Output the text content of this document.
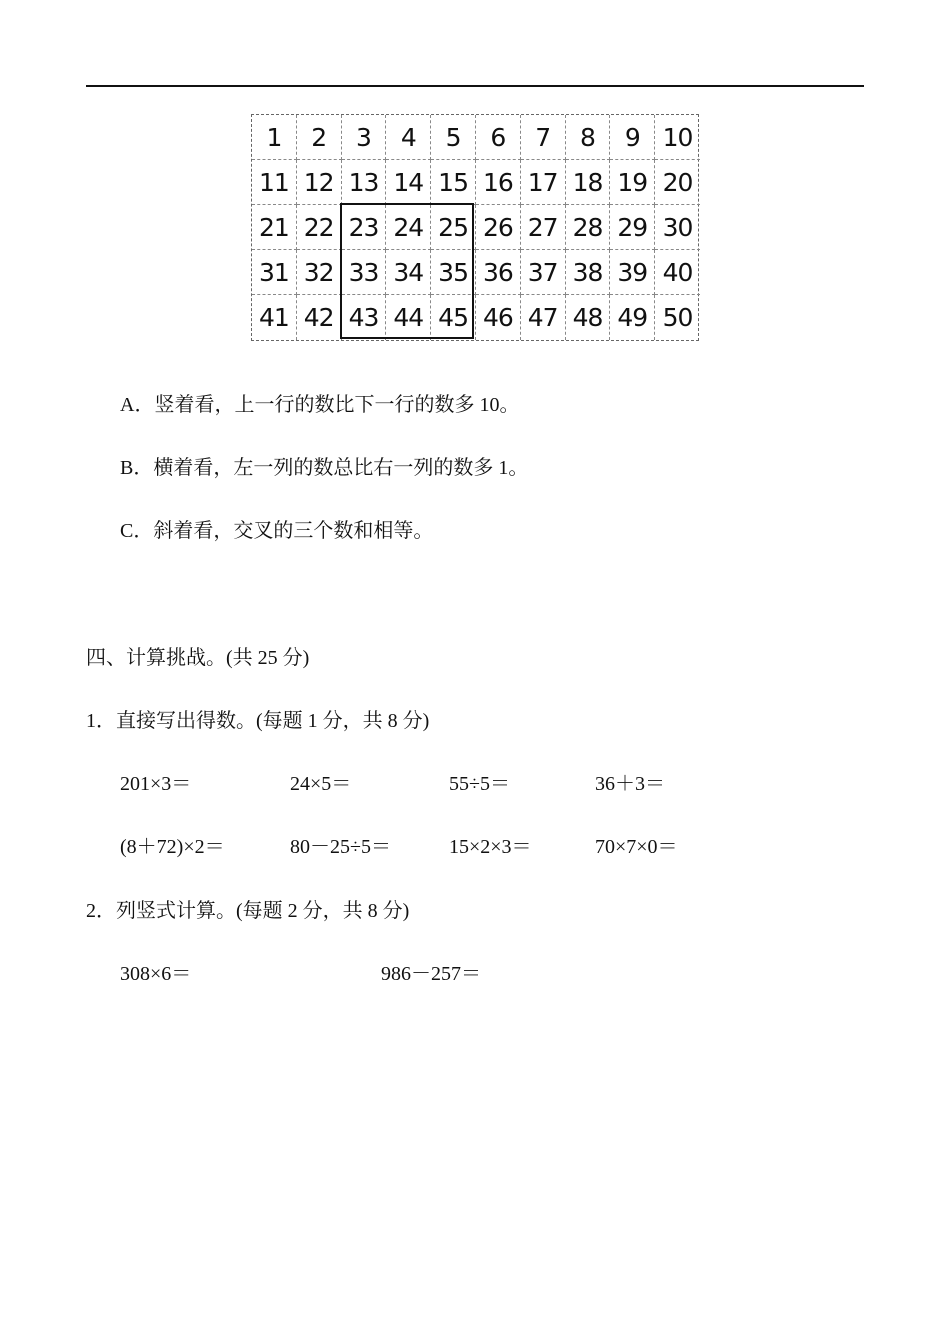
1	2	3	4	5	6	7	8	9 10
11 12 13 14 15 16 17 18 19 20
21 22 23 24 25 26 27 28 29 30
31 32 33 34 35 36 37 38 39 40
41 42 43 44 45 46 47 48 49 50
A．竖着看，上一行的数比下一行的数多 10。
B．横着看，左一列的数总比右一列的数多 1。
C．斜着看，交叉的三个数和相等。
四、计算挑战。(共 25 分)
1．直接写出得数。(每题 1 分，共 8 分)
201×3＝	24×5＝	55÷5＝	36＋3＝
(8＋72)×2＝	80－25÷5＝	15×2×3＝	70×7×0＝
2．列竖式计算。(每题 2 分，共 8 分)
308×6＝	986－257＝
